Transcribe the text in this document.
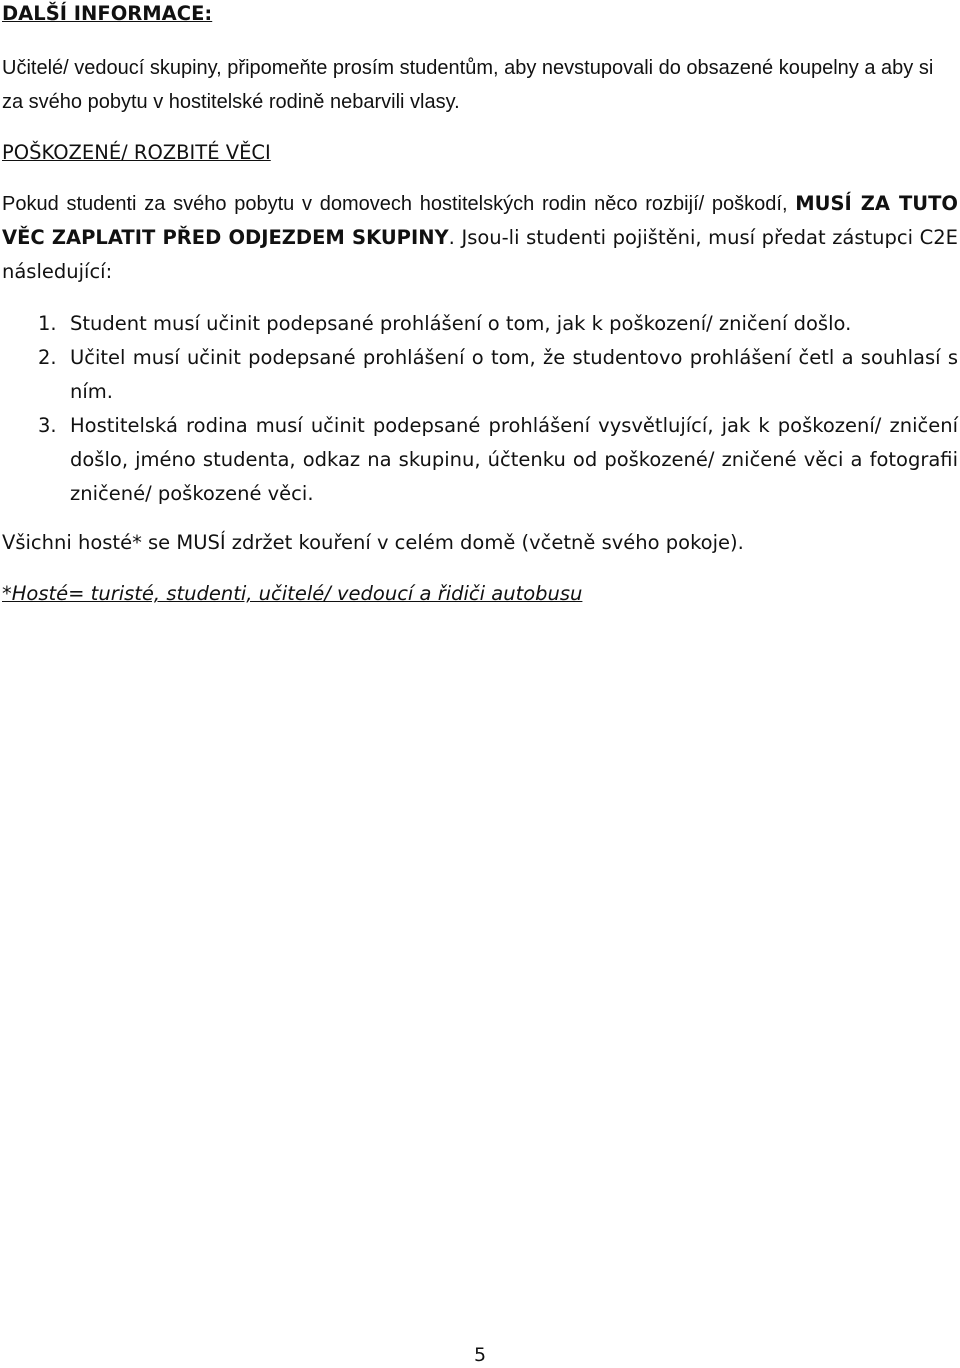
DALŠÍ INFORMACE:

Učitelé/ vedoucí skupiny, připomeňte prosím studentům, aby nevstupovali do obsazené koupelny a aby si za svého pobytu v hostitelské rodině nebarvili vlasy.

POŠKOZENÉ/ ROZBITÉ VĚCI

Pokud studenti za svého pobytu v domovech hostitelských rodin něco rozbijí/ poškodí, MUSÍ ZA TUTO VĚC ZAPLATIT PŘED ODJEZDEM SKUPINY. Jsou-li studenti pojištěni, musí předat zástupci C2E následující:

1. Student musí učinit podepsané prohlášení o tom, jak k poškození/ zničení došlo.
2. Učitel musí učinit podepsané prohlášení o tom, že studentovo prohlášení četl a souhlasí s ním.
3. Hostitelská rodina musí učinit podepsané prohlášení vysvětlující, jak k poškození/ zničení došlo, jméno studenta, odkaz na skupinu, účtenku od poškozené/ zničené věci a fotografii zničené/ poškozené věci.

Všichni hosté* se MUSÍ zdržet kouření v celém domě (včetně svého pokoje).

*Hosté= turisté, studenti, učitelé/ vedoucí a řidiči autobusu

5
